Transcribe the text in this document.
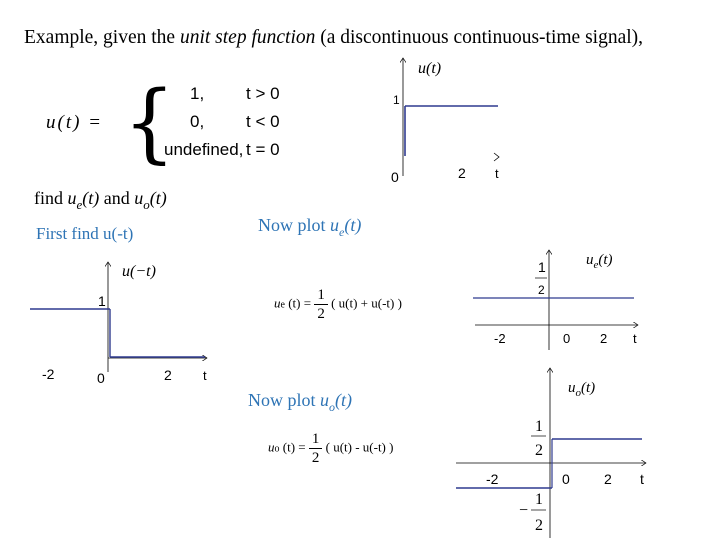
Example, given the unit step function (a discontinuous continuous-time signal),
u(t) = { 1, t > 0
0, t < 0
undefined, t = 0
find $u_e(t)$ and $u_o(t)$
First find u(-t)	Now plot $u_e(t)$
Now plot $u_o(t)$
ue $(t) = \frac{1}{2}$ ( u(t) + u(-t) )
uo $(t) = \frac{1}{2}$ ( u(t) - u(-t) )
u(t)
1
0	2 t
u(−t)
1
-2	0	2 t
$u_e(t)$
1
2
-2	0 2 t
$u_o(t)$
1
2
−
1
2
-2	0 2 t
